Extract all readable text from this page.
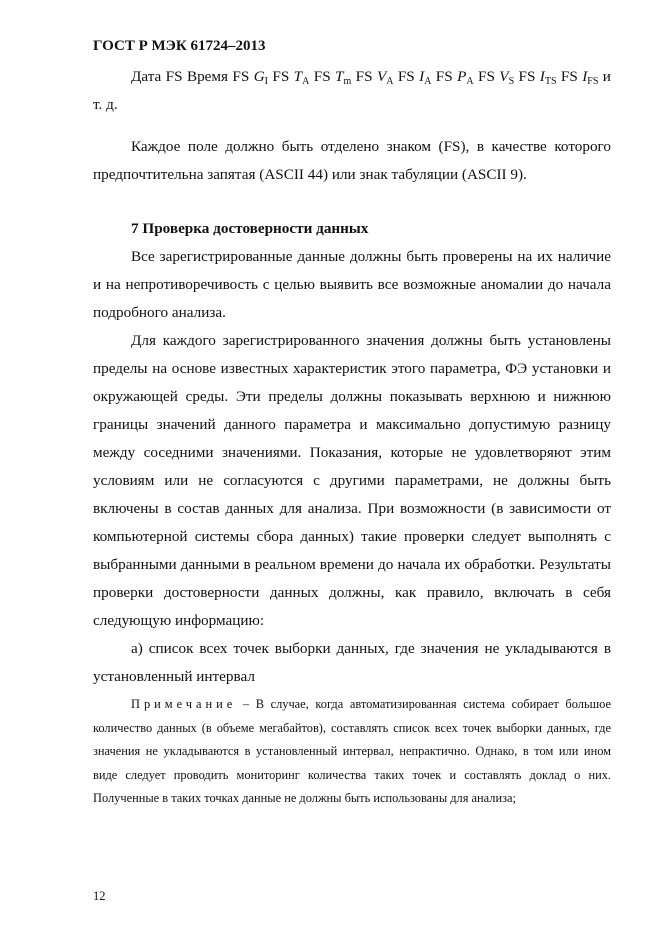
ГОСТ Р МЭК 61724–2013

Дата FS Время FS $G_I$ FS $T_A$ FS $T_m$ FS $V_A$ FS $I_A$ FS $P_A$ FS $V_S$ FS $I_{TS}$ FS $I_{FS}$ и т. д.

Каждое поле должно быть отделено знаком (FS), в качестве которого предпочтительна запятая (ASCII 44) или знак табуляции (ASCII 9).

7 Проверка достоверности данных

Все зарегистрированные данные должны быть проверены на их наличие и на непротиворечивость с целью выявить все возможные аномалии до начала подробного анализа.

Для каждого зарегистрированного значения должны быть установлены пределы на основе известных характеристик этого параметра, ФЭ установки и окружающей среды. Эти пределы должны показывать верхнюю и нижнюю границы значений данного параметра и максимально допустимую разницу между соседними значениями. Показания, которые не удовлетворяют этим условиям или не согласуются с другими параметрами, не должны быть включены в состав данных для анализа. При возможности (в зависимости от компьютерной системы сбора данных) такие проверки следует выполнять с выбранными данными в реальном времени до начала их обработки. Результаты проверки достоверности данных должны, как правило, включать в себя следующую информацию:

а) список всех точек выборки данных, где значения не укладываются в установленный интервал

Примечание – В случае, когда автоматизированная система собирает большое количество данных (в объеме мегабайтов), составлять список всех точек выборки данных, где значения не укладываются в установленный интервал, непрактично. Однако, в том или ином виде следует проводить мониторинг количества таких точек и составлять доклад о них. Полученные в таких точках данные не должны быть использованы для анализа;

12
